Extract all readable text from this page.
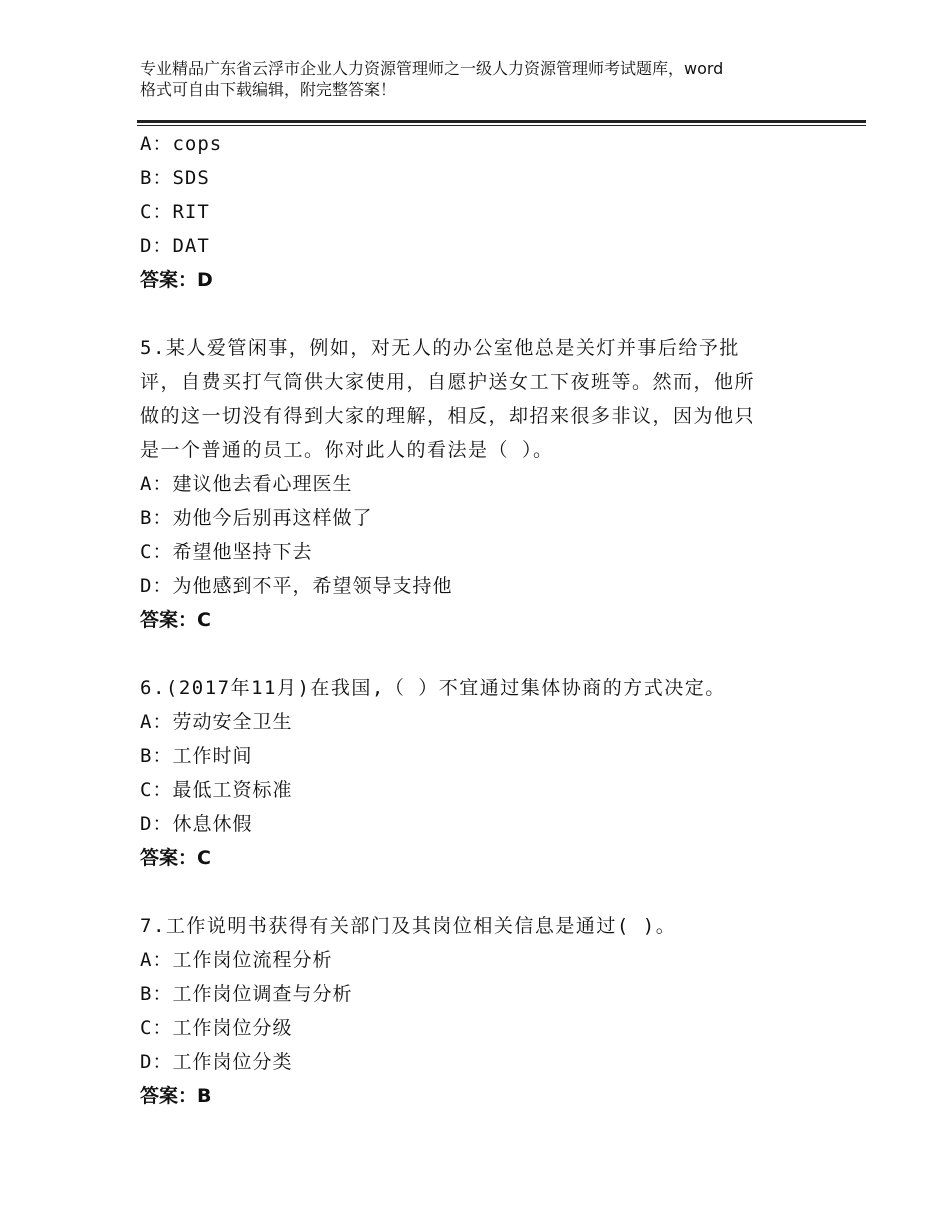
专业精品广东省云浮市企业人力资源管理师之一级人力资源管理师考试题库，word
格式可自由下载编辑，附完整答案！
A：cops
B：SDS
C：RIT
D：DAT
答案：D
5.某人爱管闲事，例如，对无人的办公室他总是关灯并事后给予批
评，自费买打气筒供大家使用，自愿护送女工下夜班等。然而，他所
做的这一切没有得到大家的理解，相反，却招来很多非议，因为他只
是一个普通的员工。你对此人的看法是（ ）。
A：建议他去看心理医生
B：劝他今后别再这样做了
C：希望他坚持下去
D：为他感到不平，希望领导支持他
答案：C
6.(2017年11月)在我国,（ ）不宜通过集体协商的方式决定。
A：劳动安全卫生
B：工作时间
C：最低工资标准
D：休息休假
答案：C
7.工作说明书获得有关部门及其岗位相关信息是通过( )。
A：工作岗位流程分析
B：工作岗位调查与分析
C：工作岗位分级
D：工作岗位分类
答案：B
